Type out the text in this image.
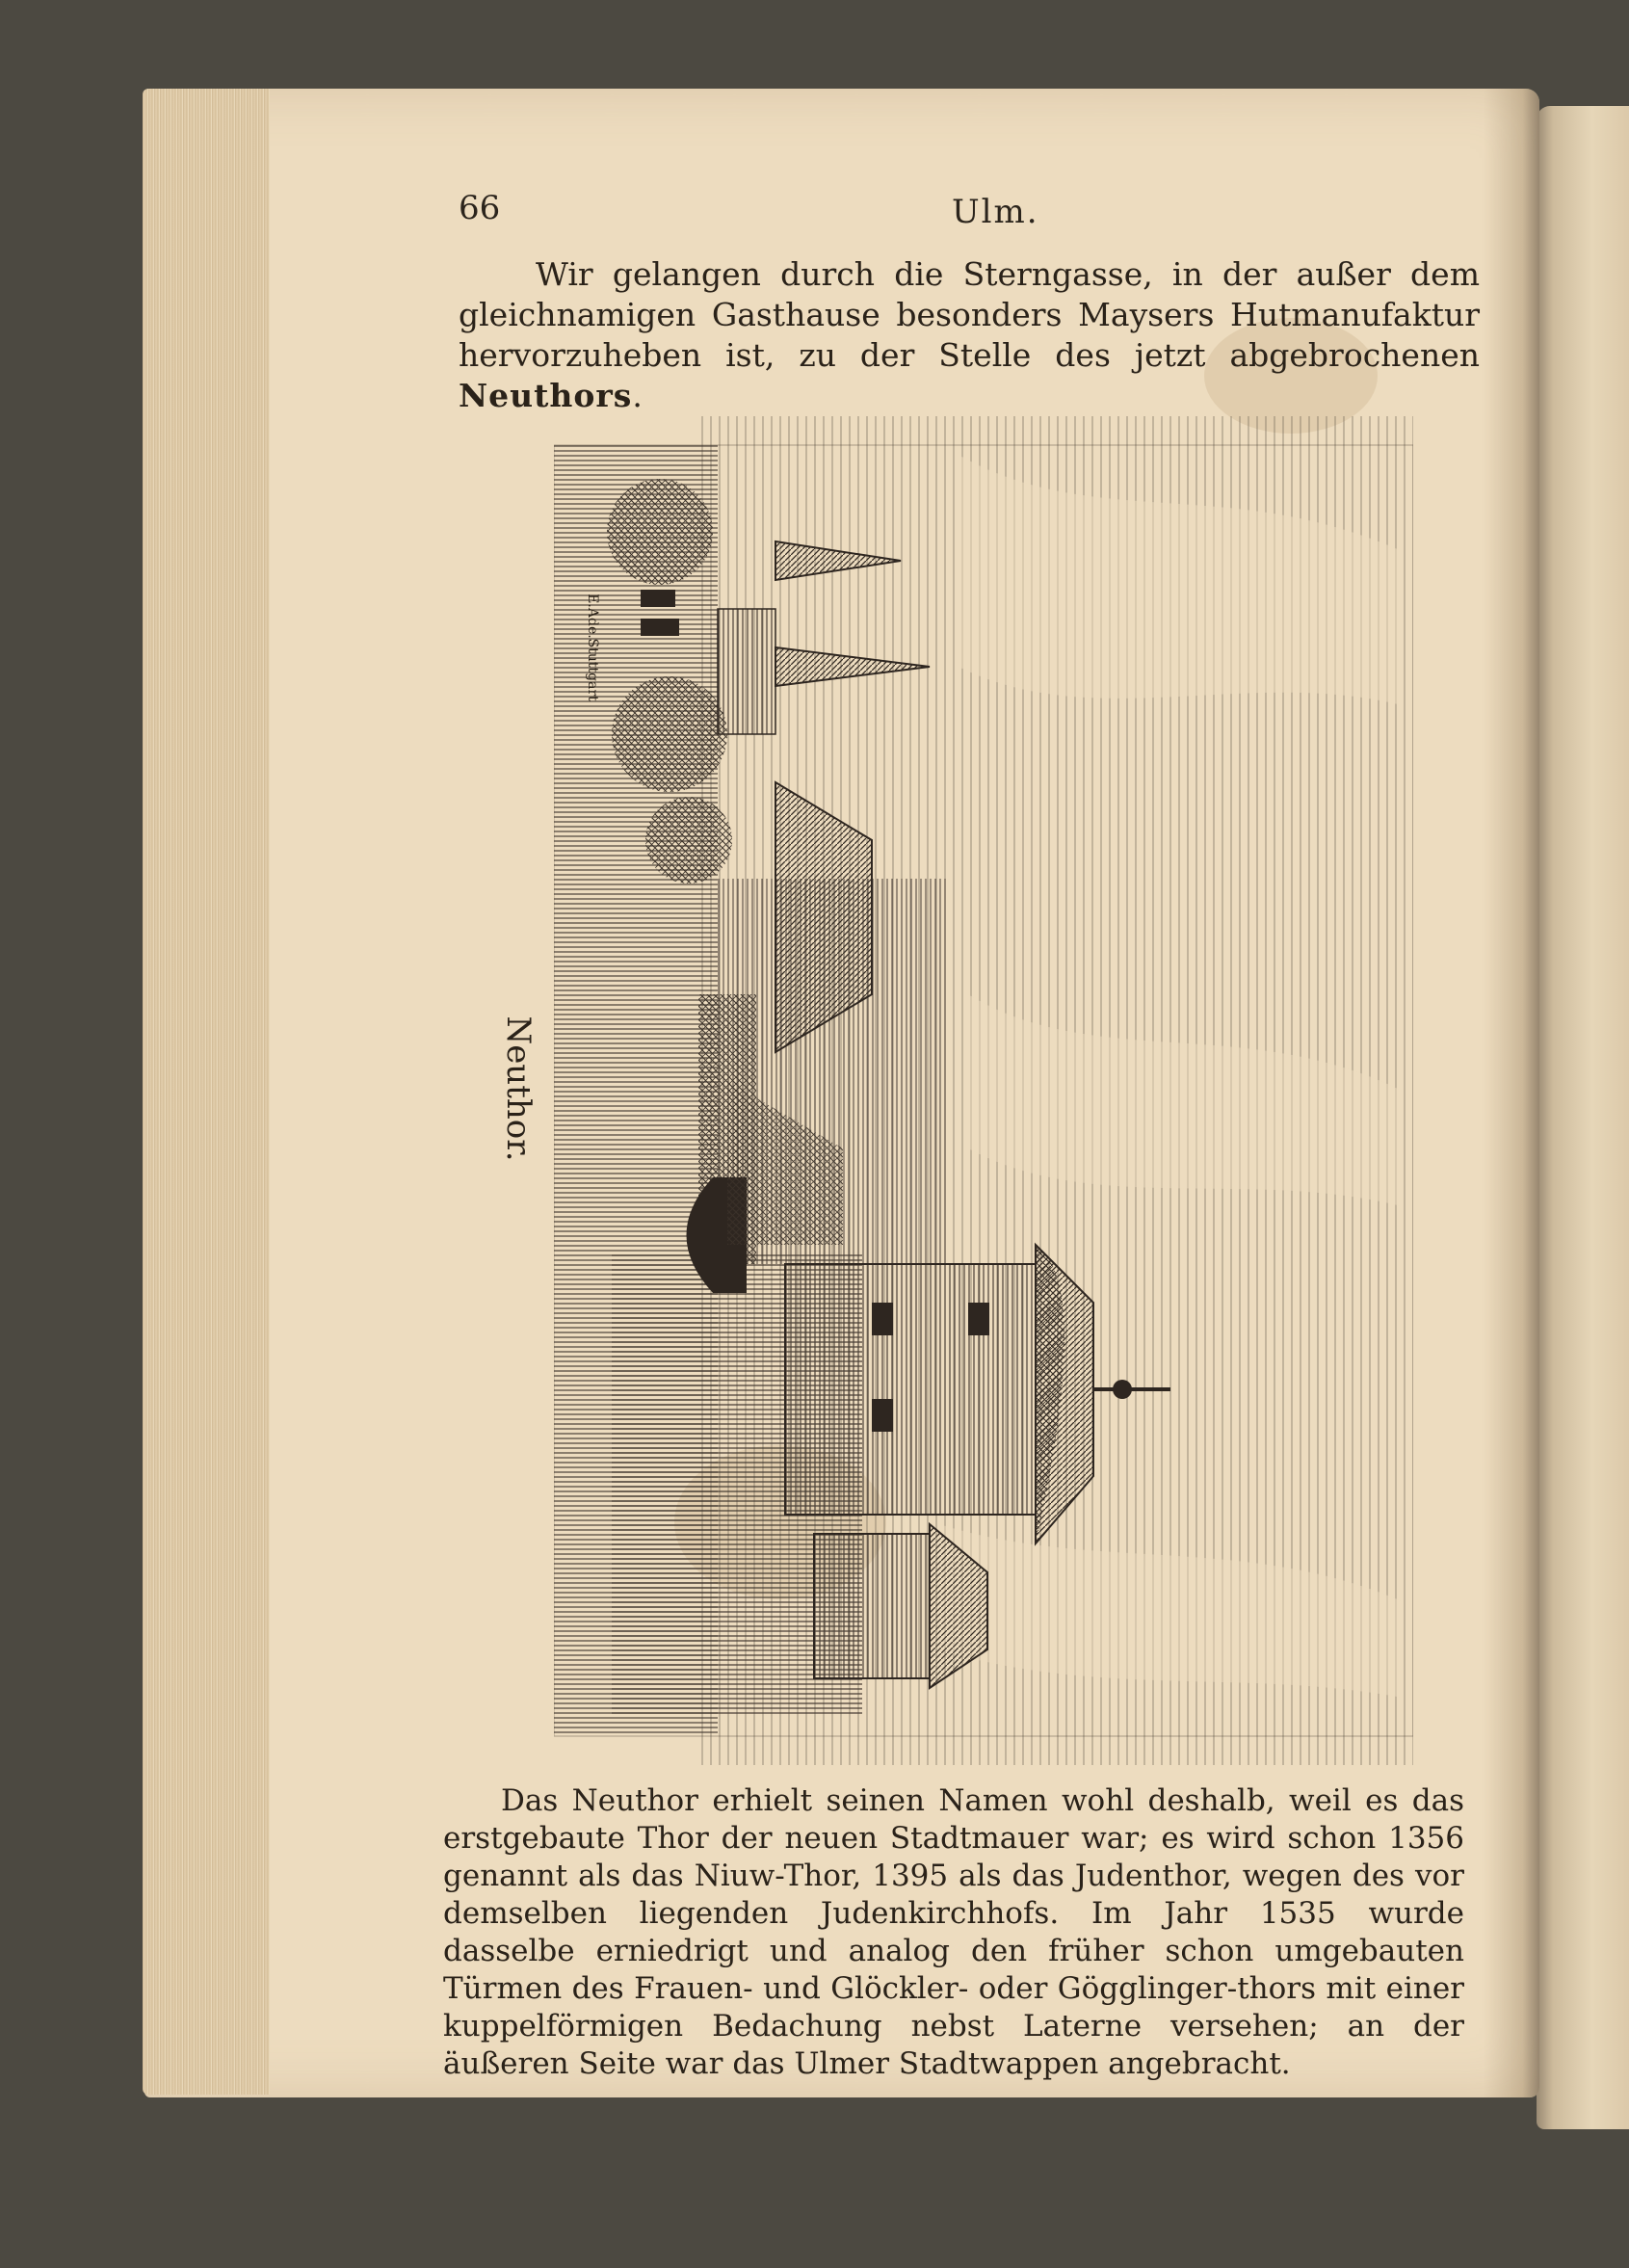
66	Ulm.
Wir gelangen durch die Sterngasse, in der außer dem gleichnamigen Gasthause besonders Maysers Hutmanufaktur hervorzuheben ist, zu der Stelle des jetzt abgebrochenen Neuthors.
Neuthor.
E.Ade.Stuttgart
Das Neuthor erhielt seinen Namen wohl deshalb, weil es das erstgebaute Thor der neuen Stadtmauer war; es wird schon 1356 genannt als das Niuw-Thor, 1395 als das Judenthor, wegen des vor demselben liegenden Judenkirchhofs. Im Jahr 1535 wurde dasselbe erniedrigt und analog den früher schon umgebauten Türmen des Frauen- und Glöckler- oder Gögglinger-thors mit einer kuppelförmigen Bedachung nebst Laterne versehen; an der äußeren Seite war das Ulmer Stadtwappen angebracht.
